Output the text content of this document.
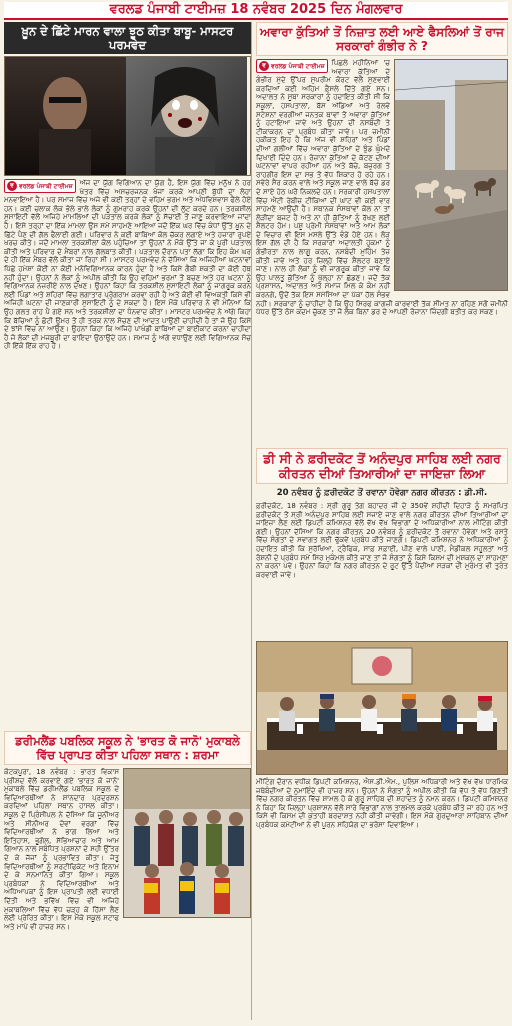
ਵਰਲਡ ਪੰਜਾਬੀ ਟਾਈਮਜ਼ 18 ਨਵੰਬਰ 2025 ਦਿਨ ਮੰਗਲਵਾਰ
ਖ਼ੂਨ ਦੇ ਛਿੱਟੇ ਮਾਰਨ ਵਾਲਾ ਝੂਠ ਕੀਤਾ ਬਾਬੂ- ਮਾਸਟਰ ਪਰਮਵੇਦ
ਵ ਵਰਲਡ ਪੰਜਾਬੀ ਟਾਈਮਜ਼	ਅੱਜ ਦਾ ਯੁੱਗ ਵਿਗਿਆਨ ਦਾ ਯੁੱਗ ਹੈ, ਇਸ ਯੁੱਗ ਵਿੱਚ ਮਨੁੱਖ ਨੇ ਹਰ ਖੇਤਰ ਵਿੱਚ ਅਸਚਰਜਨਕ ਖੋਜਾਂ ਕਰਕੇ ਆਪਣੀ ਬੁੱਧੀ ਦਾ ਲੋਹਾ ਮਨਵਾਇਆ ਹੈ। ਪਰ ਸਮਾਜ ਵਿੱਚ ਅਜੇ ਵੀ ਕਈ ਤਰ੍ਹਾਂ ਦੇ ਵਹਿਮ ਭਰਮ ਅਤੇ ਅੰਧਵਿਸ਼ਵਾਸ ਫੈਲੇ ਹੋਏ ਹਨ। ਕਈ ਚਲਾਕ ਲੋਕ ਭੋਲੇ ਭਾਲੇ ਲੋਕਾਂ ਨੂੰ ਗੁਮਰਾਹ ਕਰਕੇ ਉਹਨਾਂ ਦੀ ਲੁੱਟ ਕਰਦੇ ਹਨ। ਤਰਕਸ਼ੀਲ ਸੁਸਾਇਟੀ ਵੱਲੋਂ ਅਜਿਹੇ ਮਾਮਲਿਆਂ ਦੀ ਪੜਤਾਲ ਕਰਕੇ ਲੋਕਾਂ ਨੂੰ ਸੱਚਾਈ ਤੋਂ ਜਾਣੂ ਕਰਵਾਇਆ ਜਾਂਦਾ ਹੈ। ਇਸੇ ਤਰ੍ਹਾਂ ਦਾ ਇੱਕ ਮਾਮਲਾ ਉਸ ਸਮੇਂ ਸਾਹਮਣੇ ਆਇਆ ਜਦੋਂ ਇੱਕ ਘਰ ਵਿੱਚ ਕੰਧਾਂ ਉੱਤੇ ਖ਼ੂਨ ਦੇ ਛਿੱਟੇ ਪੈਣ ਦੀ ਗੱਲ ਫੈਲਾਈ ਗਈ। ਪਰਿਵਾਰ ਨੇ ਕਈ ਬਾਬਿਆਂ ਕੋਲ ਚੱਕਰ ਲਗਾਏ ਅਤੇ ਹਜ਼ਾਰਾਂ ਰੁਪਏ ਖਰਚ ਕੀਤੇ। ਜਦੋਂ ਮਾਮਲਾ ਤਰਕਸ਼ੀਲਾਂ ਕੋਲ ਪਹੁੰਚਿਆ ਤਾਂ ਉਹਨਾਂ ਨੇ ਮੌਕੇ ਉੱਤੇ ਜਾ ਕੇ ਪੂਰੀ ਪੜਤਾਲ ਕੀਤੀ ਅਤੇ ਪਰਿਵਾਰ ਦੇ ਮੈਂਬਰਾਂ ਨਾਲ ਗੱਲਬਾਤ ਕੀਤੀ। ਪੜਤਾਲ ਦੌਰਾਨ ਪਤਾ ਲੱਗਾ ਕਿ ਇਹ ਕੰਮ ਘਰ ਦੇ ਹੀ ਇੱਕ ਮੈਂਬਰ ਵੱਲੋਂ ਕੀਤਾ ਜਾ ਰਿਹਾ ਸੀ। ਮਾਸਟਰ ਪਰਮਵੇਦ ਨੇ ਦੱਸਿਆ ਕਿ ਅਜਿਹੀਆਂ ਘਟਨਾਵਾਂ ਪਿੱਛੇ ਹਮੇਸ਼ਾ ਕੋਈ ਨਾ ਕੋਈ ਮਨੋਵਿਗਿਆਨਕ ਕਾਰਨ ਹੁੰਦਾ ਹੈ ਅਤੇ ਕਿਸੇ ਗੈਬੀ ਸ਼ਕਤੀ ਦਾ ਕੋਈ ਹੱਥ ਨਹੀਂ ਹੁੰਦਾ। ਉਹਨਾਂ ਨੇ ਲੋਕਾਂ ਨੂੰ ਅਪੀਲ ਕੀਤੀ ਕਿ ਉਹ ਵਹਿਮਾਂ ਭਰਮਾਂ ਤੋਂ ਬਚਣ ਅਤੇ ਹਰ ਘਟਨਾ ਨੂੰ ਵਿਗਿਆਨਕ ਨਜ਼ਰੀਏ ਨਾਲ ਦੇਖਣ। ਉਹਨਾਂ ਕਿਹਾ ਕਿ ਤਰਕਸ਼ੀਲ ਸੁਸਾਇਟੀ ਲੋਕਾਂ ਨੂੰ ਜਾਗਰੂਕ ਕਰਨ ਲਈ ਪਿੰਡਾਂ ਅਤੇ ਸ਼ਹਿਰਾਂ ਵਿੱਚ ਲਗਾਤਾਰ ਪ੍ਰੋਗਰਾਮ ਕਰਵਾ ਰਹੀ ਹੈ ਅਤੇ ਕੋਈ ਵੀ ਵਿਅਕਤੀ ਕਿਸੇ ਵੀ ਅਜਿਹੀ ਘਟਨਾ ਦੀ ਜਾਣਕਾਰੀ ਸੁਸਾਇਟੀ ਨੂੰ ਦੇ ਸਕਦਾ ਹੈ। ਇਸ ਮੌਕੇ ਪਰਿਵਾਰ ਨੇ ਵੀ ਮੰਨਿਆ ਕਿ ਉਹ ਗਲਤ ਰਾਹ ਪੈ ਗਏ ਸਨ ਅਤੇ ਤਰਕਸ਼ੀਲਾਂ ਦਾ ਧੰਨਵਾਦ ਕੀਤਾ। ਮਾਸਟਰ ਪਰਮਵੇਦ ਨੇ ਅੱਗੇ ਕਿਹਾ ਕਿ ਬੱਚਿਆਂ ਨੂੰ ਛੋਟੀ ਉਮਰ ਤੋਂ ਹੀ ਤਰਕ ਨਾਲ ਸੋਚਣ ਦੀ ਆਦਤ ਪਾਉਣੀ ਚਾਹੀਦੀ ਹੈ ਤਾਂ ਜੋ ਉਹ ਕਿਸੇ ਦੇ ਝਾਂਸੇ ਵਿੱਚ ਨਾ ਆਉਣ। ਉਹਨਾਂ ਕਿਹਾ ਕਿ ਅਜਿਹੇ ਪਾਖੰਡੀ ਬਾਬਿਆਂ ਦਾ ਬਾਈਕਾਟ ਕਰਨਾ ਚਾਹੀਦਾ ਹੈ ਜੋ ਲੋਕਾਂ ਦੀ ਮਜਬੂਰੀ ਦਾ ਫਾਇਦਾ ਉਠਾਉਂਦੇ ਹਨ। ਸਮਾਜ ਨੂੰ ਅੱਗੇ ਵਧਾਉਣ ਲਈ ਵਿਗਿਆਨਕ ਸੋਚ ਹੀ ਇੱਕੋ ਇੱਕ ਰਾਹ ਹੈ।
ਡਰੀਮਲੈਂਡ ਪਬਲਿਕ ਸਕੂਲ ਨੇ 'ਭਾਰਤ ਕੋ ਜਾਨੋ' ਮੁਕਾਬਲੇ ਵਿੱਚ ਪ੍ਰਾਪਤ ਕੀਤਾ ਪਹਿਲਾ ਸਥਾਨ : ਸ਼ਰਮਾ
ਕੋਟਕਪੂਰਾ, 18 ਨਵੰਬਰ : ਭਾਰਤ ਵਿਕਾਸ ਪ੍ਰੀਸ਼ਦ ਵੱਲੋਂ ਕਰਵਾਏ ਗਏ 'ਭਾਰਤ ਕੋ ਜਾਨੋ' ਮੁਕਾਬਲੇ ਵਿੱਚ ਡਰੀਮਲੈਂਡ ਪਬਲਿਕ ਸਕੂਲ ਦੇ ਵਿਦਿਆਰਥੀਆਂ ਨੇ ਸ਼ਾਨਦਾਰ ਪ੍ਰਦਰਸ਼ਨ ਕਰਦਿਆਂ ਪਹਿਲਾ ਸਥਾਨ ਹਾਸਲ ਕੀਤਾ। ਸਕੂਲ ਦੇ ਪ੍ਰਿੰਸੀਪਲ ਨੇ ਦੱਸਿਆ ਕਿ ਜੂਨੀਅਰ ਅਤੇ ਸੀਨੀਅਰ ਦੋਵਾਂ ਵਰਗਾਂ ਵਿੱਚ ਵਿਦਿਆਰਥੀਆਂ ਨੇ ਭਾਗ ਲਿਆ ਅਤੇ ਇਤਿਹਾਸ, ਭੂਗੋਲ, ਸੱਭਿਆਚਾਰ ਅਤੇ ਆਮ ਗਿਆਨ ਨਾਲ ਸਬੰਧਿਤ ਪ੍ਰਸ਼ਨਾਂ ਦੇ ਸਹੀ ਉੱਤਰ ਦੇ ਕੇ ਜੱਜਾਂ ਨੂੰ ਪ੍ਰਭਾਵਿਤ ਕੀਤਾ। ਜੇਤੂ ਵਿਦਿਆਰਥੀਆਂ ਨੂੰ ਸਰਟੀਫਿਕੇਟ ਅਤੇ ਇਨਾਮ ਦੇ ਕੇ ਸਨਮਾਨਿਤ ਕੀਤਾ ਗਿਆ। ਸਕੂਲ ਪ੍ਰਬੰਧਕਾਂ ਨੇ ਵਿਦਿਆਰਥੀਆਂ ਅਤੇ ਅਧਿਆਪਕਾਂ ਨੂੰ ਇਸ ਪ੍ਰਾਪਤੀ ਲਈ ਵਧਾਈ ਦਿੱਤੀ ਅਤੇ ਭਵਿੱਖ ਵਿੱਚ ਵੀ ਅਜਿਹੇ ਮੁਕਾਬਲਿਆਂ ਵਿੱਚ ਵੱਧ ਚੜ੍ਹ ਕੇ ਹਿੱਸਾ ਲੈਣ ਲਈ ਪ੍ਰੇਰਿਤ ਕੀਤਾ। ਇਸ ਮੌਕੇ ਸਕੂਲ ਸਟਾਫ ਅਤੇ ਮਾਪੇ ਵੀ ਹਾਜ਼ਰ ਸਨ।
ਅਵਾਰਾ ਕੁੱਤਿਆਂ ਤੋਂ ਨਿਜ਼ਾਤ ਲਈ ਆਏ ਫੈਸਲਿਆਂ ਤੋਂ ਰਾਜ ਸਰਕਾਰਾਂ ਗੰਭੀਰ ਨੇ ?
ਵ ਵਰਲਡ ਪੰਜਾਬੀ ਟਾਈਮਜ਼	ਪਿਛਲੇ ਮਹੀਨਿਆਂ 'ਚ ਅਵਾਰਾ ਕੁੱਤਿਆਂ ਦੇ ਗੰਭੀਰ ਮੁੱਦੇ ਉੱਪਰ ਸੁਪਰੀਮ ਕੋਰਟ ਵੱਲੋਂ ਸੁਣਵਾਈ ਕਰਦਿਆਂ ਕਈ ਅਹਿਮ ਫ਼ੈਸਲੇ ਦਿੱਤੇ ਗਏ ਸਨ। ਅਦਾਲਤ ਨੇ ਸੂਬਾ ਸਰਕਾਰਾਂ ਨੂੰ ਹਦਾਇਤ ਕੀਤੀ ਸੀ ਕਿ ਸਕੂਲਾਂ, ਹਸਪਤਾਲਾਂ, ਬੱਸ ਅੱਡਿਆਂ ਅਤੇ ਰੇਲਵੇ ਸਟੇਸ਼ਨਾਂ ਵਰਗੀਆਂ ਜਨਤਕ ਥਾਵਾਂ ਤੋਂ ਅਵਾਰਾ ਕੁੱਤਿਆਂ ਨੂੰ ਹਟਾਇਆ ਜਾਵੇ ਅਤੇ ਉਹਨਾਂ ਦੀ ਨਸਬੰਦੀ ਤੇ ਟੀਕਾਕਰਨ ਦਾ ਪ੍ਰਬੰਧ ਕੀਤਾ ਜਾਵੇ। ਪਰ ਜ਼ਮੀਨੀ ਹਕੀਕਤ ਇਹ ਹੈ ਕਿ ਅੱਜ ਵੀ ਸ਼ਹਿਰਾਂ ਅਤੇ ਪਿੰਡਾਂ ਦੀਆਂ ਗਲੀਆਂ ਵਿੱਚ ਅਵਾਰਾ ਕੁੱਤਿਆਂ ਦੇ ਝੁੰਡ ਘੁੰਮਦੇ ਦਿਖਾਈ ਦਿੰਦੇ ਹਨ। ਰੋਜ਼ਾਨਾ ਕੁੱਤਿਆਂ ਦੇ ਕੱਟਣ ਦੀਆਂ ਘਟਨਾਵਾਂ ਵਾਪਰ ਰਹੀਆਂ ਹਨ ਅਤੇ ਬੱਚੇ, ਬਜ਼ੁਰਗ ਤੇ ਰਾਹਗੀਰ ਇਸ ਦਾ ਸਭ ਤੋਂ ਵੱਧ ਸ਼ਿਕਾਰ ਹੋ ਰਹੇ ਹਨ। ਸਵੇਰੇ ਸੈਰ ਕਰਨ ਵਾਲੇ ਅਤੇ ਸਕੂਲ ਜਾਣ ਵਾਲੇ ਬੱਚੇ ਡਰ ਦੇ ਸਾਏ ਹੇਠ ਘਰੋਂ ਨਿਕਲਦੇ ਹਨ। ਸਰਕਾਰੀ ਹਸਪਤਾਲਾਂ ਵਿੱਚ ਐਂਟੀ ਰੇਬੀਜ਼ ਟੀਕਿਆਂ ਦੀ ਘਾਟ ਵੀ ਕਈ ਵਾਰ ਸਾਹਮਣੇ ਆਉਂਦੀ ਹੈ। ਸਥਾਨਕ ਸੰਸਥਾਵਾਂ ਕੋਲ ਨਾ ਤਾਂ ਲੋੜੀਂਦਾ ਬਜਟ ਹੈ ਅਤੇ ਨਾ ਹੀ ਕੁੱਤਿਆਂ ਨੂੰ ਰੱਖਣ ਲਈ ਸ਼ੈਲਟਰ ਹੋਮ। ਪਸ਼ੂ ਪ੍ਰੇਮੀ ਸੰਸਥਾਵਾਂ ਅਤੇ ਆਮ ਲੋਕਾਂ ਦੇ ਵਿਚਾਰ ਵੀ ਇਸ ਮਸਲੇ ਉੱਤੇ ਵੰਡੇ ਹੋਏ ਹਨ। ਲੋੜ ਇਸ ਗੱਲ ਦੀ ਹੈ ਕਿ ਸਰਕਾਰਾਂ ਅਦਾਲਤੀ ਹੁਕਮਾਂ ਨੂੰ ਗੰਭੀਰਤਾ ਨਾਲ ਲਾਗੂ ਕਰਨ, ਨਸਬੰਦੀ ਮੁਹਿੰਮ ਤੇਜ਼ ਕੀਤੀ ਜਾਵੇ ਅਤੇ ਹਰ ਜ਼ਿਲ੍ਹੇ ਵਿੱਚ ਸ਼ੈਲਟਰ ਬਣਾਏ ਜਾਣ। ਨਾਲ ਹੀ ਲੋਕਾਂ ਨੂੰ ਵੀ ਜਾਗਰੂਕ ਕੀਤਾ ਜਾਵੇ ਕਿ ਉਹ ਪਾਲਤੂ ਕੁੱਤਿਆਂ ਨੂੰ ਖੁੱਲ੍ਹਾ ਨਾ ਛੱਡਣ। ਜਦੋਂ ਤੱਕ ਪ੍ਰਸ਼ਾਸਨ, ਅਦਾਲਤ ਅਤੇ ਸਮਾਜ ਮਿਲ ਕੇ ਕੰਮ ਨਹੀਂ ਕਰਨਗੇ, ਉਦੋਂ ਤੱਕ ਇਸ ਸਮੱਸਿਆ ਦਾ ਪੱਕਾ ਹੱਲ ਸੰਭਵ ਨਹੀਂ। ਸਰਕਾਰਾਂ ਨੂੰ ਚਾਹੀਦਾ ਹੈ ਕਿ ਉਹ ਸਿਰਫ ਕਾਗਜ਼ੀ ਕਾਰਵਾਈ ਤੱਕ ਸੀਮਤ ਨਾ ਰਹਿਣ ਸਗੋਂ ਜ਼ਮੀਨੀ ਪੱਧਰ ਉੱਤੇ ਠੋਸ ਕਦਮ ਚੁੱਕਣ ਤਾਂ ਜੋ ਲੋਕ ਬਿਨਾਂ ਡਰ ਦੇ ਆਪਣੀ ਰੋਜ਼ਾਨਾ ਜ਼ਿੰਦਗੀ ਬਤੀਤ ਕਰ ਸਕਣ।
ਡੀ ਸੀ ਨੇ ਫ਼ਰੀਦਕੋਟ ਤੋਂ ਅਨੰਦਪੁਰ ਸਾਹਿਬ ਲਈ ਨਗਰ ਕੀਰਤਨ ਦੀਆਂ ਤਿਆਰੀਆਂ ਦਾ ਜਾਇਜ਼ਾ ਲਿਆ
20 ਨਵੰਬਰ ਨੂੰ ਫ਼ਰੀਦਕੋਟ ਤੋਂ ਰਵਾਨਾ ਹੋਵੇਗਾ ਨਗਰ ਕੀਰਤਨ : ਡੀ.ਸੀ.
ਫ਼ਰੀਦਕੋਟ, 18 ਨਵੰਬਰ : ਸ੍ਰੀ ਗੁਰੂ ਤੇਗ ਬਹਾਦਰ ਜੀ ਦੇ 350ਵੇਂ ਸ਼ਹੀਦੀ ਦਿਹਾੜੇ ਨੂੰ ਸਮਰਪਿਤ ਫ਼ਰੀਦਕੋਟ ਤੋਂ ਸ੍ਰੀ ਅਨੰਦਪੁਰ ਸਾਹਿਬ ਲਈ ਸਜਾਏ ਜਾਣ ਵਾਲੇ ਨਗਰ ਕੀਰਤਨ ਦੀਆਂ ਤਿਆਰੀਆਂ ਦਾ ਜਾਇਜ਼ਾ ਲੈਣ ਲਈ ਡਿਪਟੀ ਕਮਿਸ਼ਨਰ ਵੱਲੋਂ ਵੱਖ ਵੱਖ ਵਿਭਾਗਾਂ ਦੇ ਅਧਿਕਾਰੀਆਂ ਨਾਲ ਮੀਟਿੰਗ ਕੀਤੀ ਗਈ। ਉਹਨਾਂ ਦੱਸਿਆ ਕਿ ਨਗਰ ਕੀਰਤਨ 20 ਨਵੰਬਰ ਨੂੰ ਫ਼ਰੀਦਕੋਟ ਤੋਂ ਰਵਾਨਾ ਹੋਵੇਗਾ ਅਤੇ ਰਸਤੇ ਵਿੱਚ ਸੰਗਤਾਂ ਦੇ ਸਵਾਗਤ ਲਈ ਢੁੱਕਵੇਂ ਪ੍ਰਬੰਧ ਕੀਤੇ ਜਾਣਗੇ। ਡਿਪਟੀ ਕਮਿਸ਼ਨਰ ਨੇ ਅਧਿਕਾਰੀਆਂ ਨੂੰ ਹਦਾਇਤ ਕੀਤੀ ਕਿ ਸੁਰੱਖਿਆ, ਟ੍ਰੈਫਿਕ, ਸਾਫ਼ ਸਫ਼ਾਈ, ਪੀਣ ਵਾਲੇ ਪਾਣੀ, ਮੈਡੀਕਲ ਸਹੂਲਤਾਂ ਅਤੇ ਰੋਸ਼ਨੀ ਦੇ ਪ੍ਰਬੰਧ ਸਮੇਂ ਸਿਰ ਮੁਕੰਮਲ ਕੀਤੇ ਜਾਣ ਤਾਂ ਜੋ ਸੰਗਤਾਂ ਨੂੰ ਕਿਸੇ ਕਿਸਮ ਦੀ ਮੁਸ਼ਕਲ ਦਾ ਸਾਹਮਣਾ ਨਾ ਕਰਨਾ ਪਵੇ। ਉਹਨਾਂ ਕਿਹਾ ਕਿ ਨਗਰ ਕੀਰਤਨ ਦੇ ਰੂਟ ਉੱਤੇ ਪੈਂਦੀਆਂ ਸੜਕਾਂ ਦੀ ਮੁਰੰਮਤ ਵੀ ਤੁਰੰਤ ਕਰਵਾਈ ਜਾਵੇ।
ਮੀਟਿੰਗ ਦੌਰਾਨ ਵਧੀਕ ਡਿਪਟੀ ਕਮਿਸ਼ਨਰ, ਐਸ.ਡੀ.ਐਮ., ਪੁਲਿਸ ਅਧਿਕਾਰੀ ਅਤੇ ਵੱਖ ਵੱਖ ਧਾਰਮਿਕ ਜਥੇਬੰਦੀਆਂ ਦੇ ਨੁਮਾਇੰਦੇ ਵੀ ਹਾਜ਼ਰ ਸਨ। ਉਹਨਾਂ ਨੇ ਸੰਗਤਾਂ ਨੂੰ ਅਪੀਲ ਕੀਤੀ ਕਿ ਵੱਧ ਤੋਂ ਵੱਧ ਗਿਣਤੀ ਵਿੱਚ ਨਗਰ ਕੀਰਤਨ ਵਿੱਚ ਸ਼ਾਮਲ ਹੋ ਕੇ ਗੁਰੂ ਸਾਹਿਬ ਦੀ ਸ਼ਹਾਦਤ ਨੂੰ ਨਮਨ ਕਰਨ। ਡਿਪਟੀ ਕਮਿਸ਼ਨਰ ਨੇ ਕਿਹਾ ਕਿ ਜ਼ਿਲ੍ਹਾ ਪ੍ਰਸ਼ਾਸਨ ਵੱਲੋਂ ਸਾਰੇ ਵਿਭਾਗਾਂ ਨਾਲ ਤਾਲਮੇਲ ਕਰਕੇ ਪ੍ਰਬੰਧ ਕੀਤੇ ਜਾ ਰਹੇ ਹਨ ਅਤੇ ਕਿਸੇ ਵੀ ਕਿਸਮ ਦੀ ਕੁਤਾਹੀ ਬਰਦਾਸ਼ਤ ਨਹੀਂ ਕੀਤੀ ਜਾਵੇਗੀ। ਇਸ ਮੌਕੇ ਗੁਰਦੁਆਰਾ ਸਾਹਿਬਾਨ ਦੀਆਂ ਪ੍ਰਬੰਧਕ ਕਮੇਟੀਆਂ ਨੇ ਵੀ ਪੂਰਨ ਸਹਿਯੋਗ ਦਾ ਭਰੋਸਾ ਦਿਵਾਇਆ।
